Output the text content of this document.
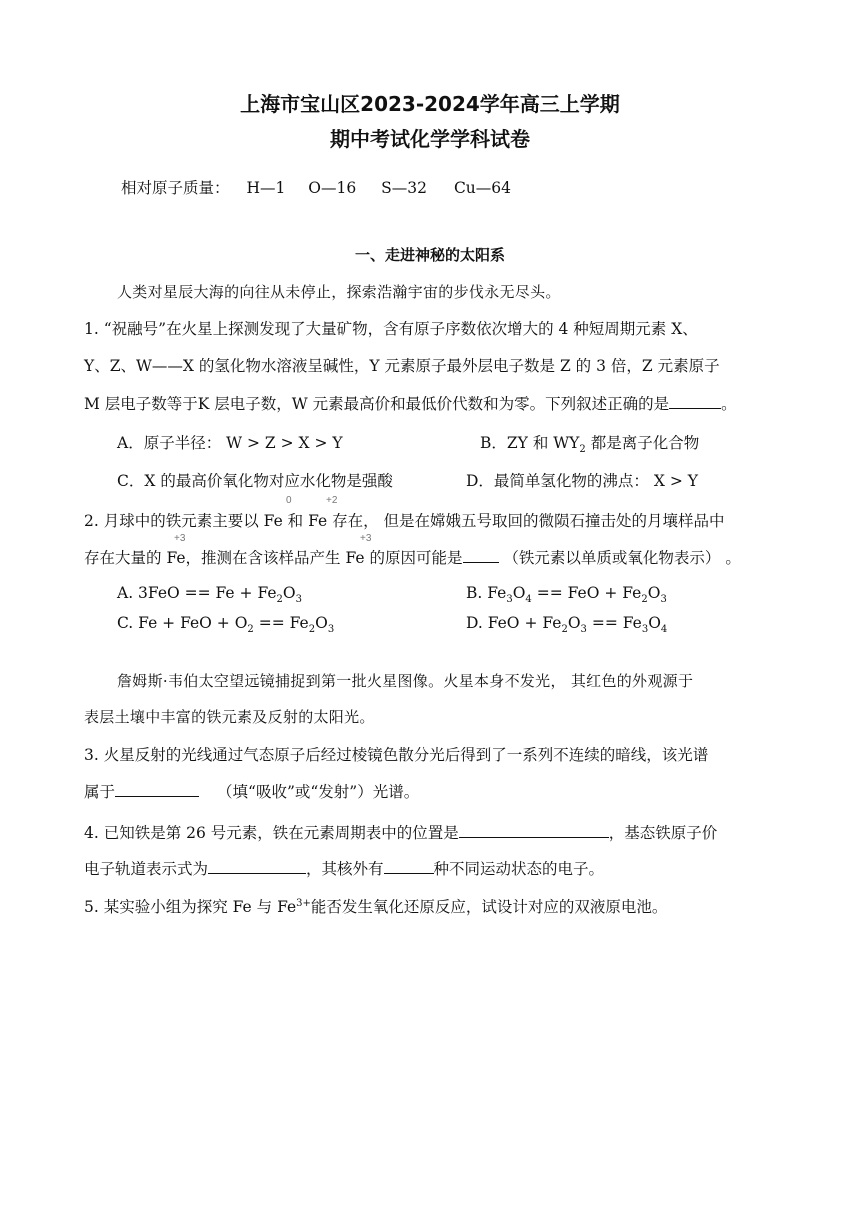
上海市宝山区2023-2024学年高三上学期
期中考试化学学科试卷
相对原子质量： H—1 O—16 S—32 Cu—64
一、走进神秘的太阳系
人类对星辰大海的向往从未停止，探索浩瀚宇宙的步伐永无尽头。
1. “祝融号”在火星上探测发现了大量矿物，含有原子序数依次增大的 4 种短周期元素 X、
Y、Z、W——X 的氢化物水溶液呈碱性，Y 元素原子最外层电子数是 Z 的 3 倍，Z 元素原子
M 层电子数等于K 层电子数，W 元素最高价和最低价代数和为零。下列叙述正确的是	。
A．原子半径： W > Z > X > Y	B．ZY 和 $WY_2$ 都是离子化合物
C．X 的最高价氧化物对应水化物是强酸	D．最简单氢化物的沸点： X > Y
0	+2
+3	+3
2. 月球中的铁元素主要以 Fe 和 Fe 存在， 但是在嫦娥五号取回的微陨石撞击处的月壤样品中
存在大量的 Fe，推测在含该样品产生 Fe 的原因可能是 （铁元素以单质或氧化物表示） 。
A. $3FeO == Fe + Fe_2O_3$	B. $Fe_3O_4$ == FeO + $Fe_2O_3$
C. Fe + FeO + $O_2 == Fe_2O_3$	D. FeO + $Fe_2O_3 == Fe_3O_4$
詹姆斯·韦伯太空望远镜捕捉到第一批火星图像。火星本身不发光， 其红色的外观源于
表层土壤中丰富的铁元素及反射的太阳光。
3. 火星反射的光线通过气态原子后经过棱镜色散分光后得到了一系列不连续的暗线，该光谱
属于	（填“吸收”或“发射”）光谱。
4. 已知铁是第 26 号元素，铁在元素周期表中的位置是	，基态铁原子价
电子轨道表示式为	，其核外有	种不同运动状态的电子。
5. 某实验小组为探究 Fe 与 $Fe^{3+}$能否发生氧化还原反应，试设计对应的双液原电池。
